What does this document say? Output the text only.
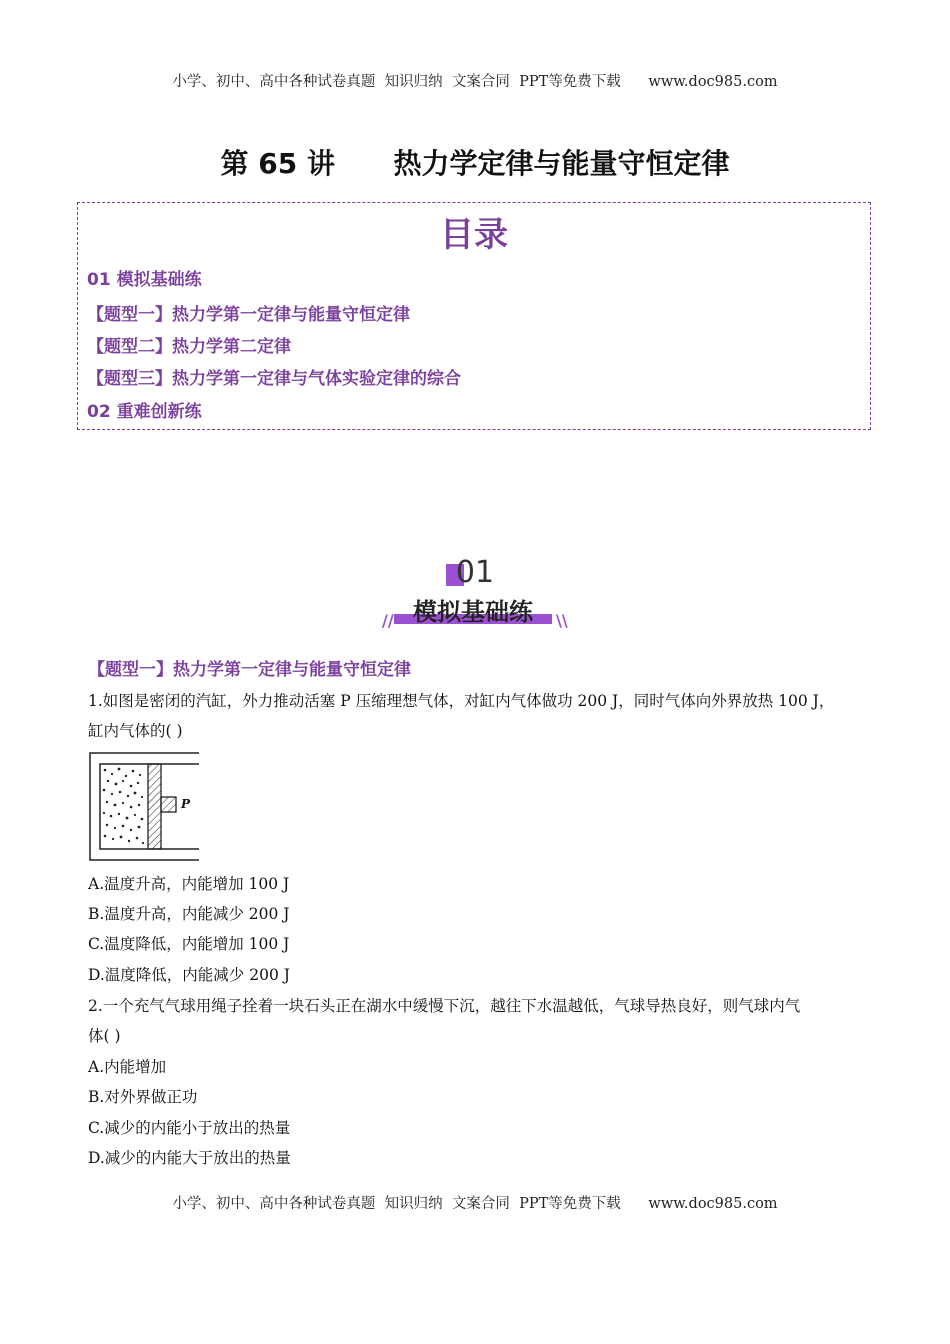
小学、初中、高中各种试卷真题  知识归纳  文案合同  PPT等免费下载      www.doc985.com
第 65 讲      热力学定律与能量守恒定律
目录
01 模拟基础练
【题型一】热力学第一定律与能量守恒定律
【题型二】热力学第二定律
【题型三】热力学第一定律与气体实验定律的综合
02 重难创新练
01
模拟基础练
//	\\
【题型一】热力学第一定律与能量守恒定律
1.如图是密闭的汽缸，外力推动活塞 P 压缩理想气体，对缸内气体做功 200 J，同时气体向外界放热 100 J，
缸内气体的( )
P
A.温度升高，内能增加 100 J
B.温度升高，内能减少 200 J
C.温度降低，内能增加 100 J
D.温度降低，内能减少 200 J
2.一个充气气球用绳子拴着一块石头正在湖水中缓慢下沉，越往下水温越低，气球导热良好，则气球内气
体( )
A.内能增加
B.对外界做正功
C.减少的内能小于放出的热量
D.减少的内能大于放出的热量
小学、初中、高中各种试卷真题  知识归纳  文案合同  PPT等免费下载      www.doc985.com
